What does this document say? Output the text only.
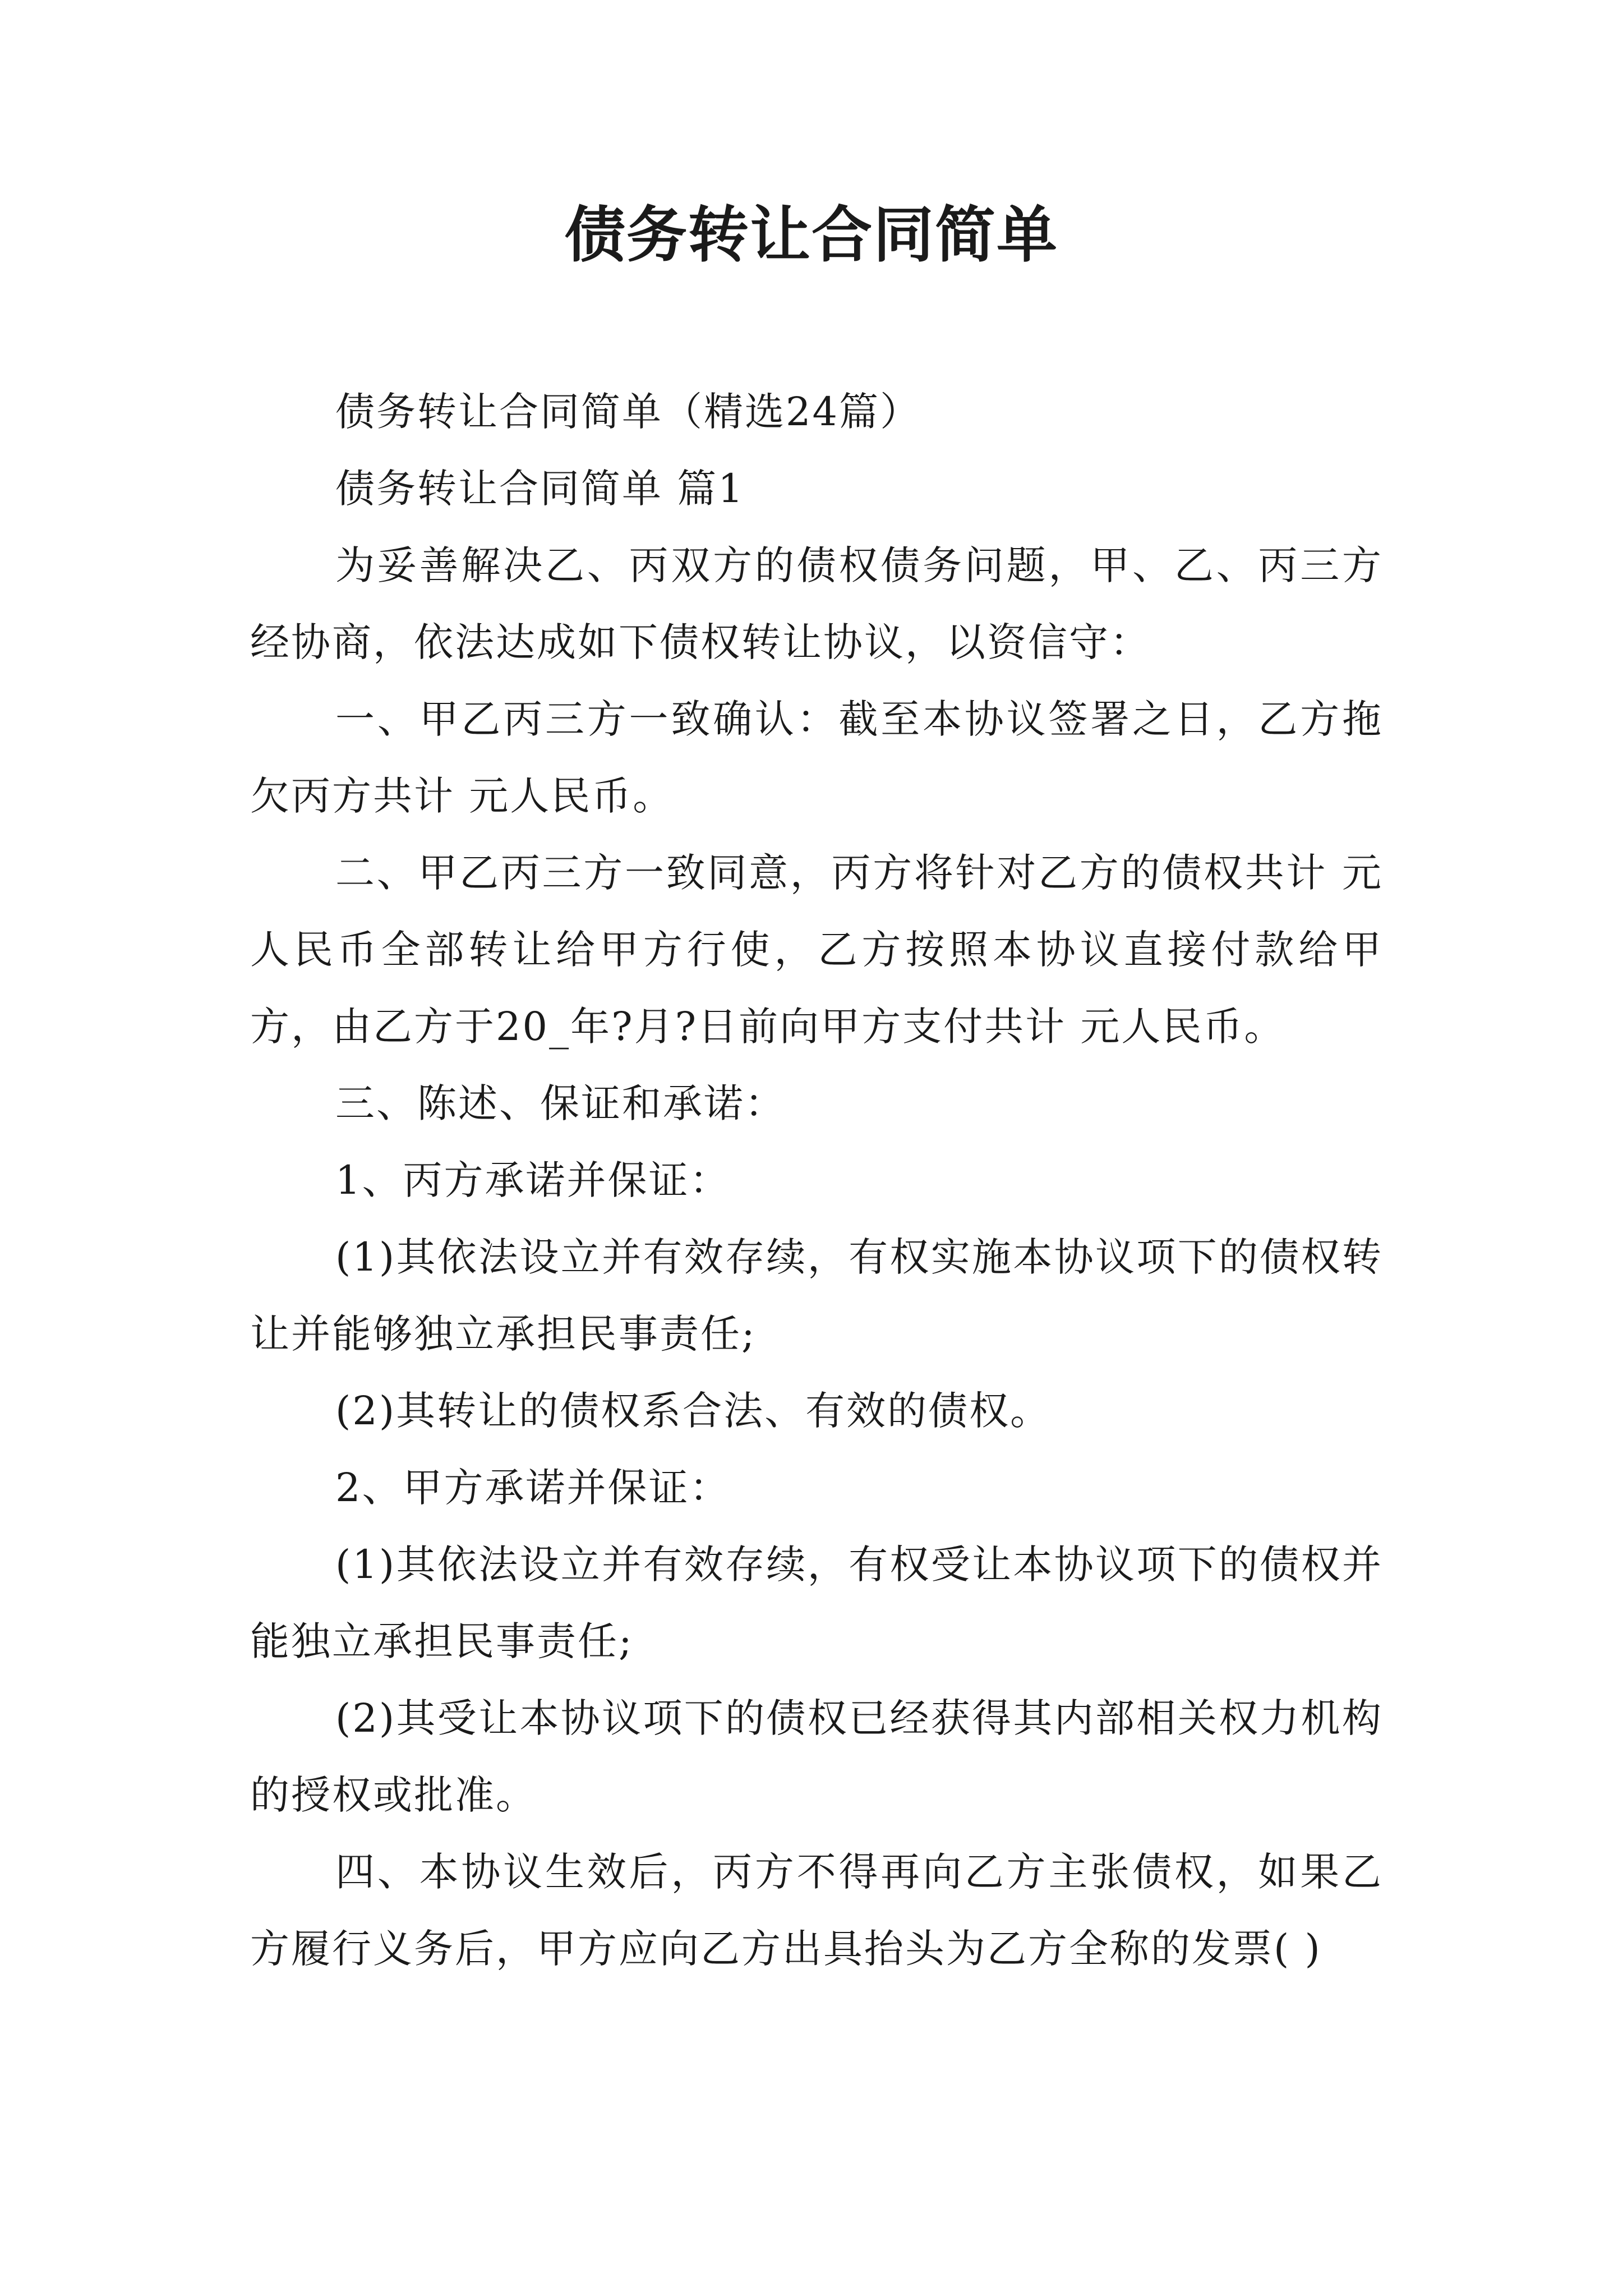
债务转让合同简单

债务转让合同简单（精选24篇）

债务转让合同简单 篇1

为妥善解决乙、丙双方的债权债务问题，甲、乙、丙三方经协商，依法达成如下债权转让协议，以资信守：

一、甲乙丙三方一致确认：截至本协议签署之日，乙方拖欠丙方共计 元人民币。

二、甲乙丙三方一致同意，丙方将针对乙方的债权共计 元人民币全部转让给甲方行使，乙方按照本协议直接付款给甲方，由乙方于20_年?月?日前向甲方支付共计 元人民币。

三、陈述、保证和承诺：

1、丙方承诺并保证：

(1)其依法设立并有效存续，有权实施本协议项下的债权转让并能够独立承担民事责任;

(2)其转让的债权系合法、有效的债权。

2、甲方承诺并保证：

(1)其依法设立并有效存续，有权受让本协议项下的债权并能独立承担民事责任;

(2)其受让本协议项下的债权已经获得其内部相关权力机构的授权或批准。

四、本协议生效后，丙方不得再向乙方主张债权，如果乙方履行义务后，甲方应向乙方出具抬头为乙方全称的发票( )
